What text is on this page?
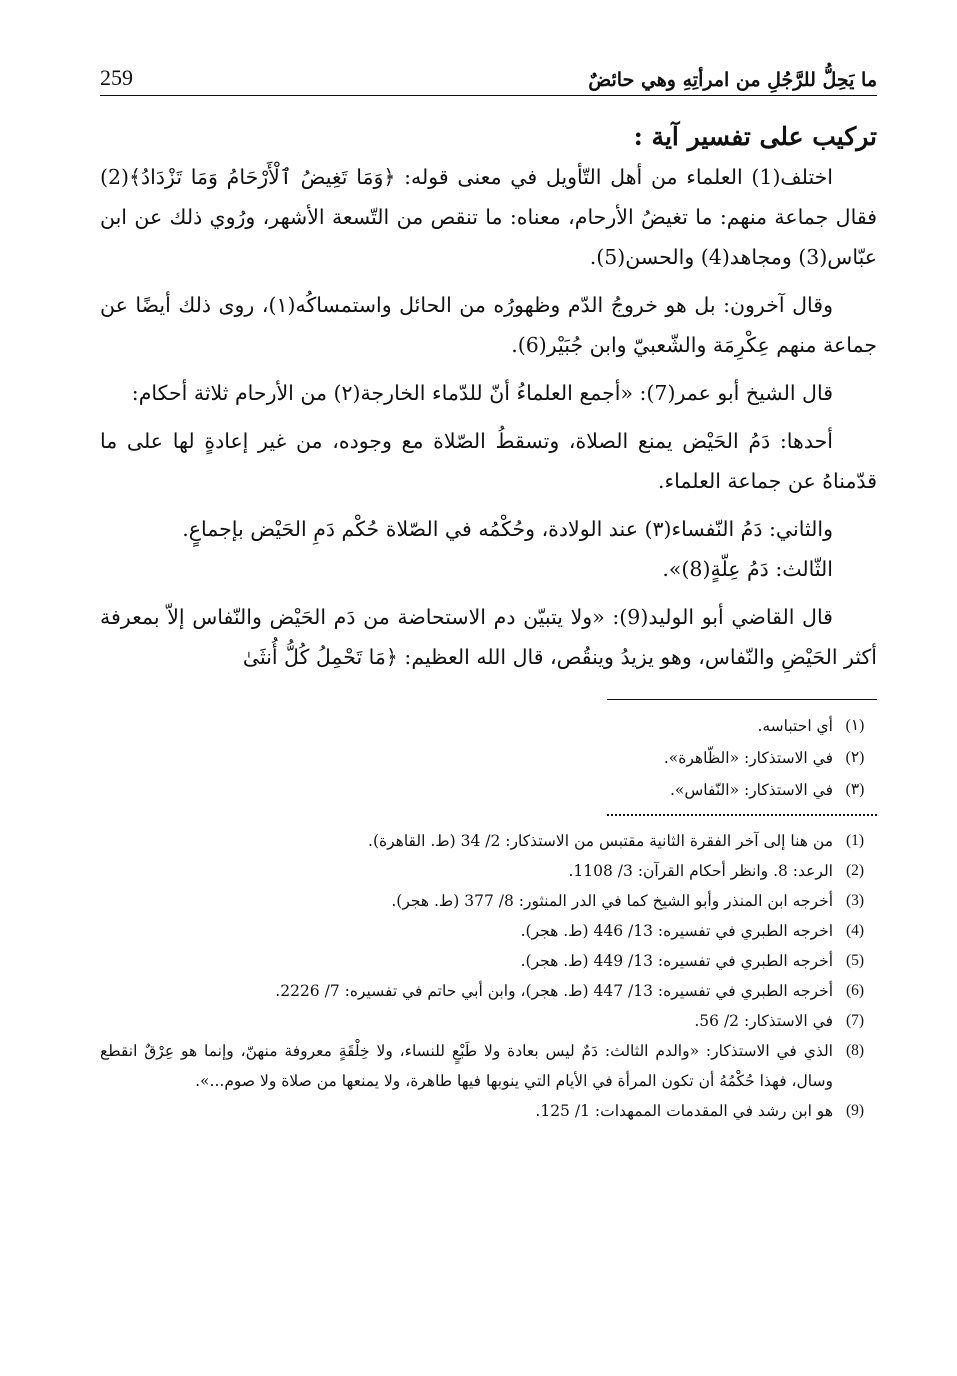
ما يَحِلُّ للرَّجُلِ من امرأتِهِ وهي حائضٌ
259
تركيب على تفسير آية :

اختلف(1) العلماء من أهل التّأويل في معنى قوله: ﴿وَمَا تَغِيضُ ٱلْأَرْحَامُ وَمَا تَزْدَادُ﴾(2) فقال جماعة منهم: ما تغيضُ الأرحام، معناه: ما تنقص من التّسعة الأشهر، ورُوي ذلك عن ابن عبّاس(3) ومجاهد(4) والحسن(5).

وقال آخرون: بل هو خروجُ الدّم وظهورُه من الحائل واستمساكُه(١)، روى ذلك أيضًا عن جماعة منهم عِكْرِمَة والشّعبيّ وابن جُبَيْر(6).

قال الشيخ أبو عمر(7): «أجمع العلماءُ أنّ للدّماء الخارجة(٢) من الأرحام ثلاثة أحكام:

أحدها: دَمُ الحَيْض يمنع الصلاة، وتسقطُ الصّلاة مع وجوده، من غير إعادةٍ لها على ما قدّمناهُ عن جماعة العلماء.

والثاني: دَمُ النّفساء(٣) عند الولادة، وحُكْمُه في الصّلاة حُكْم دَمِ الحَيْض بإجماعٍ.

الثّالث: دَمُ عِلّةٍ(8)».

قال القاضي أبو الوليد(9): «ولا يتبيّن دم الاستحاضة من دَم الحَيْض والنّفاس إلاّ بمعرفة أكثر الحَيْضِ والنّفاس، وهو يزيدُ وينقُص، قال الله العظيم: ﴿مَا تَحْمِلُ كُلُّ أُنثَىٰ

(١)
أي احتباسه.
(٢)
في الاستذكار: «الظّاهرة».
(٣)
في الاستذكار: «النّفاس».
(1)
من هنا إلى آخر الفقرة الثانية مقتبس من الاستذكار: 2/ 34 (ط. القاهرة).
(2)
الرعد: 8. وانظر أحكام القرآن: 3/ 1108.
(3)
أخرجه ابن المنذر وأبو الشيخ كما في الدر المنثور: 8/ 377 (ط. هجر).
(4)
اخرجه الطبري في تفسيره: 13/ 446 (ط. هجر).
(5)
أخرجه الطبري في تفسيره: 13/ 449 (ط. هجر).
(6)
أخرجه الطبري في تفسيره: 13/ 447 (ط. هجر)، وابن أبي حاتم في تفسيره: 7/ 2226.
(7)
في الاستذكار: 2/ 56.
(8)
الذي في الاستذكار: «والدم الثالث: دَمٌ ليس بعادة ولا طَبْعٍ للنساء، ولا خِلْقَةٍ معروفة منهنّ، وإنما هو عِرْقٌ انقطع وسال، فهذا حُكْمُهُ أن تكون المرأة في الأيام التي ينوبها فيها طاهرة، ولا يمنعها من صلاة ولا صوم...».
(9)
هو ابن رشد في المقدمات الممهدات: 1/ 125.
